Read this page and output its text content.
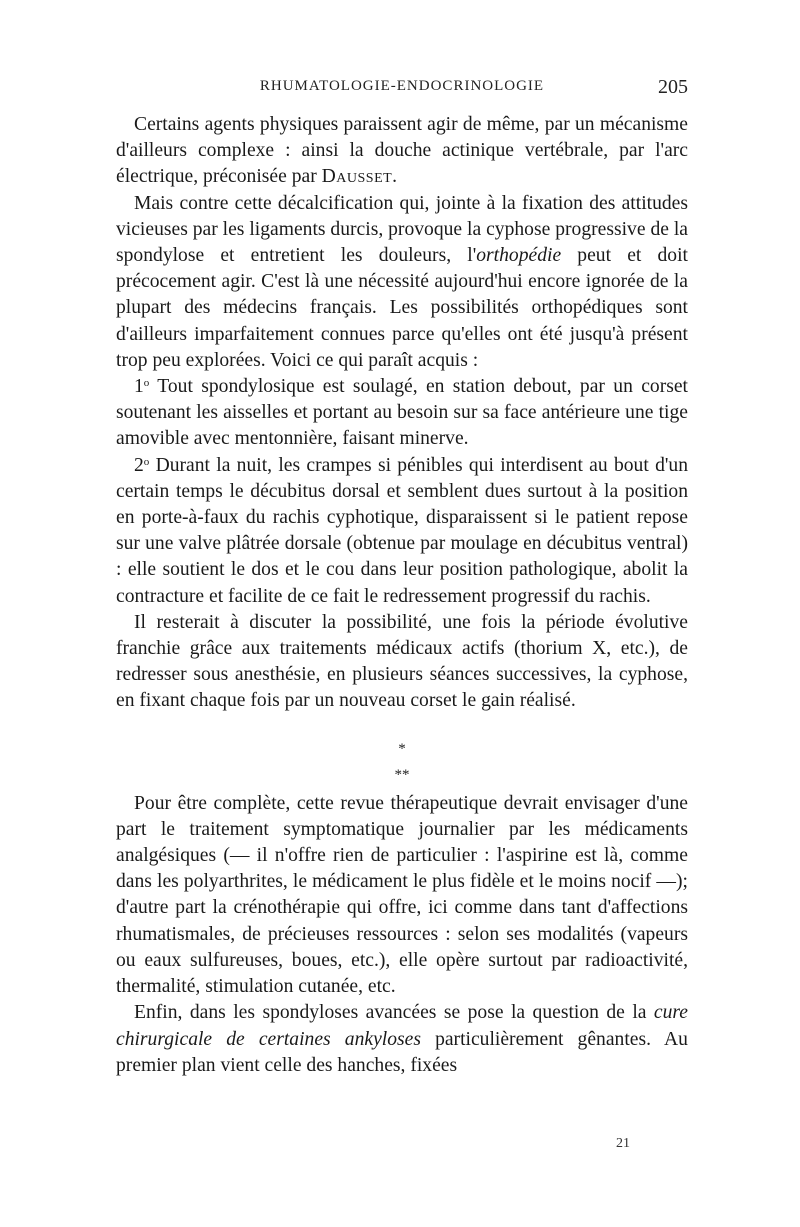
RHUMATOLOGIE-ENDOCRINOLOGIE	205

Certains agents physiques paraissent agir de même, par un mécanisme d'ailleurs complexe : ainsi la douche actinique vertébrale, par l'arc électrique, préconisée par Dausset.

Mais contre cette décalcification qui, jointe à la fixation des attitudes vicieuses par les ligaments durcis, provoque la cyphose progressive de la spondylose et entretient les douleurs, l'orthopédie peut et doit précocement agir. C'est là une nécessité aujourd'hui encore ignorée de la plupart des médecins français. Les possibilités orthopédiques sont d'ailleurs imparfaitement connues parce qu'elles ont été jusqu'à présent trop peu explorées. Voici ce qui paraît acquis :

1$^o$ Tout spondylosique est soulagé, en station debout, par un corset soutenant les aisselles et portant au besoin sur sa face antérieure une tige amovible avec mentonnière, faisant minerve.

2$^o$ Durant la nuit, les crampes si pénibles qui interdisent au bout d'un certain temps le décubitus dorsal et semblent dues surtout à la position en porte-à-faux du rachis cyphotique, disparaissent si le patient repose sur une valve plâtrée dorsale (obtenue par moulage en décubitus ventral) : elle soutient le dos et le cou dans leur position pathologique, abolit la contracture et facilite de ce fait le redressement progressif du rachis.

Il resterait à discuter la possibilité, une fois la période évolutive franchie grâce aux traitements médicaux actifs (thorium X, etc.), de redresser sous anesthésie, en plusieurs séances successives, la cyphose, en fixant chaque fois par un nouveau corset le gain réalisé.

*
**

Pour être complète, cette revue thérapeutique devrait envisager d'une part le traitement symptomatique journalier par les médicaments analgésiques (— il n'offre rien de particulier : l'aspirine est là, comme dans les polyarthrites, le médicament le plus fidèle et le moins nocif —); d'autre part la crénothérapie qui offre, ici comme dans tant d'affections rhumatismales, de précieuses ressources : selon ses modalités (vapeurs ou eaux sulfureuses, boues, etc.), elle opère surtout par radioactivité, thermalité, stimulation cutanée, etc.

Enfin, dans les spondyloses avancées se pose la question de la cure chirurgicale de certaines ankyloses particulièrement gênantes. Au premier plan vient celle des hanches, fixées

21
